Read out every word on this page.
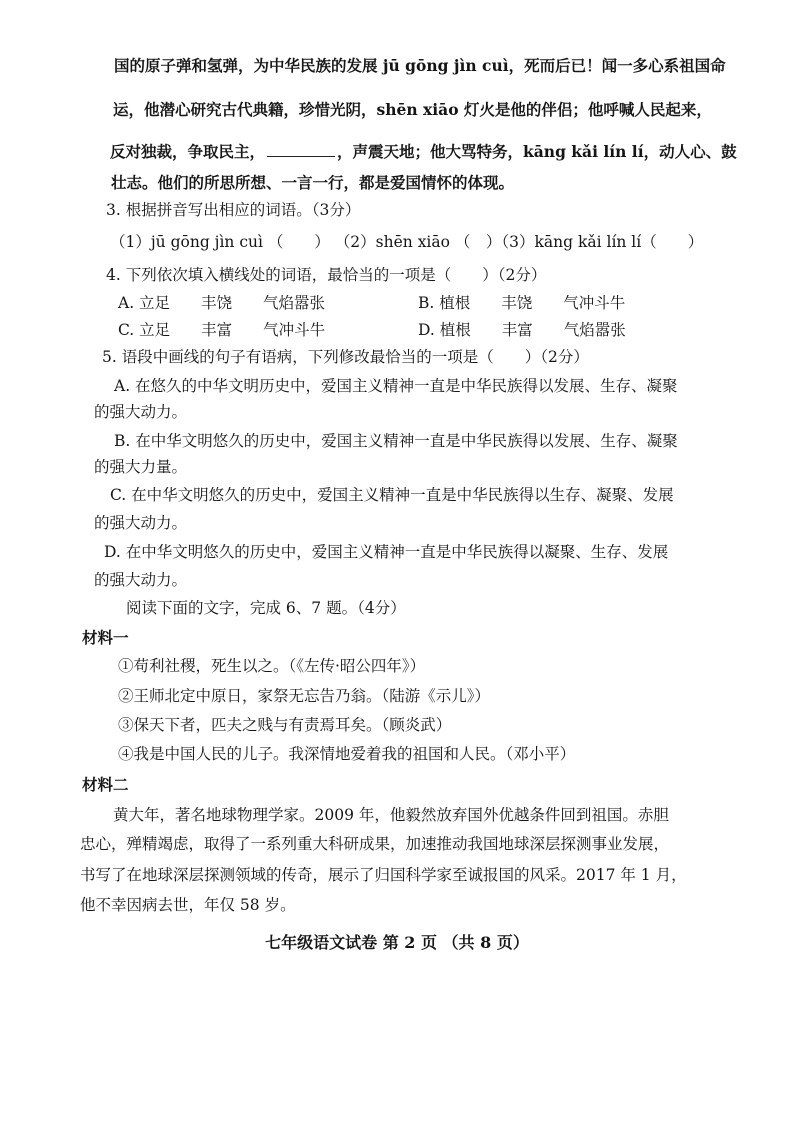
国的原子弹和氢弹，为中华民族的发展 jū gōng jìn cuì，死而后已！闻一多心系祖国命
运，他潜心研究古代典籍，珍惜光阴，shēn xiāo 灯火是他的伴侣；他呼喊人民起来，
反对独裁，争取民主，	，声震天地；他大骂特务，kāng kǎi lín lí，动人心、鼓
壮志。他们的所思所想、一言一行，都是爱国情怀的体现。
3. 根据拼音写出相应的词语。（3分）
（1）jū gōng jìn cuì （　　） （2）shēn xiāo （　）（3）kāng kǎi lín lí（　　）
4. 下列依次填入横线处的词语，最恰当的一项是（　　）（2分）
A. 立足　　丰饶　　气焰嚣张	B. 植根　　丰饶　　气冲斗牛
C. 立足　　丰富　　气冲斗牛	D. 植根　　丰富　　气焰嚣张
5. 语段中画线的句子有语病，下列修改最恰当的一项是（　　）（2分）
A. 在悠久的中华文明历史中，爱国主义精神一直是中华民族得以发展、生存、凝聚
的强大动力。
B. 在中华文明悠久的历史中，爱国主义精神一直是中华民族得以发展、生存、凝聚
的强大力量。
C. 在中华文明悠久的历史中，爱国主义精神一直是中华民族得以生存、凝聚、发展
的强大动力。
D. 在中华文明悠久的历史中，爱国主义精神一直是中华民族得以凝聚、生存、发展
的强大动力。
阅读下面的文字，完成 6、7 题。（4分）
材料一
①苟利社稷，死生以之。（《左传·昭公四年》）
②王师北定中原日，家祭无忘告乃翁。（陆游《示儿》）
③保天下者，匹夫之贱与有责焉耳矣。（顾炎武）
④我是中国人民的儿子。我深情地爱着我的祖国和人民。（邓小平）
材料二
黄大年，著名地球物理学家。2009 年，他毅然放弃国外优越条件回到祖国。赤胆
忠心，殚精竭虑，取得了一系列重大科研成果，加速推动我国地球深层探测事业发展，
书写了在地球深层探测领域的传奇，展示了归国科学家至诚报国的风采。2017 年 1 月，
他不幸因病去世，年仅 58 岁。
七年级语文试卷 第 2 页 （共 8 页）
